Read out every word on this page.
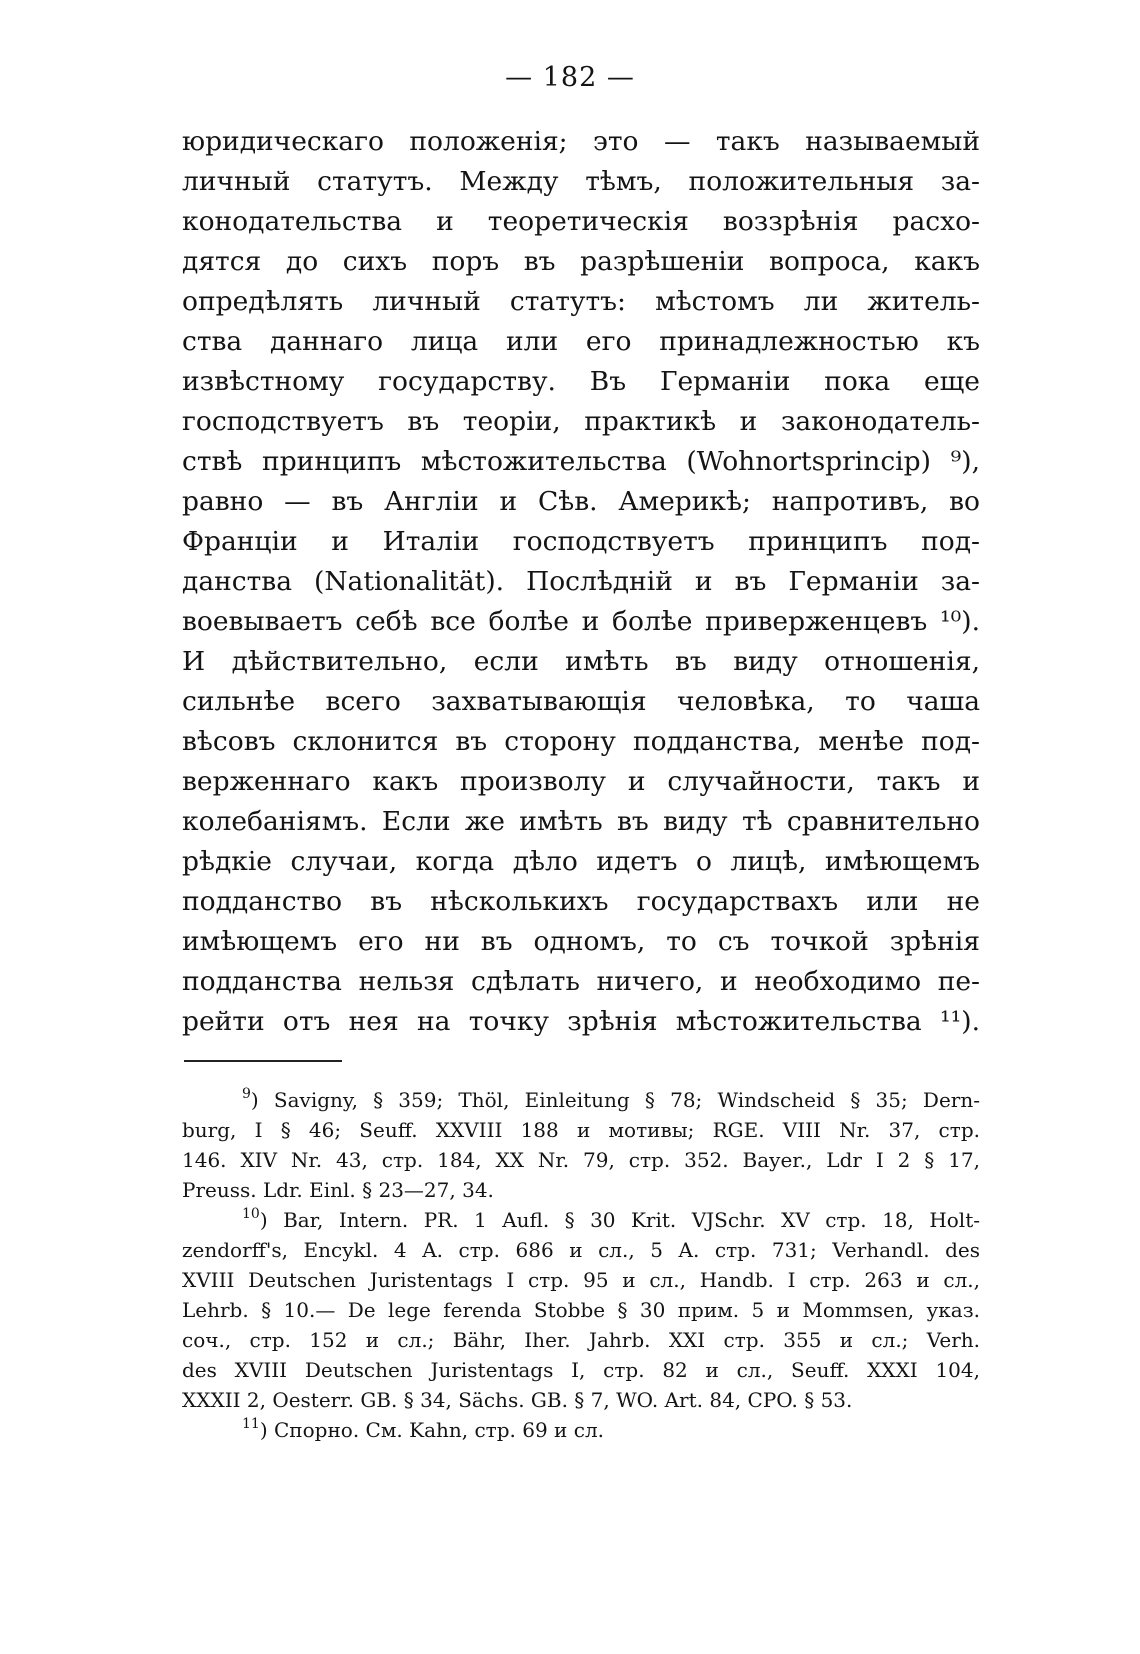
— 182 —
юридическаго положенія; это — такъ называемый
личный статутъ. Между тѣмъ, положительныя за-
конодательства и теоретическія воззрѣнія расхо-
дятся до сихъ поръ въ разрѣшеніи вопроса, какъ
опредѣлять личный статутъ: мѣстомъ ли житель-
ства даннаго лица или его принадлежностью къ
извѣстному государству. Въ Германіи пока еще
господствуетъ въ теоріи, практикѣ и законодатель-
ствѣ принципъ мѣстожительства (Wohnortsprincip) ⁹),
равно — въ Англіи и Сѣв. Америкѣ; напротивъ, во
Франціи и Италіи господствуетъ принципъ под-
данства (Nationalität). Послѣдній и въ Германіи за-
воевываетъ себѣ все болѣе и болѣе приверженцевъ ¹⁰).
И дѣйствительно, если имѣть въ виду отношенія,
сильнѣе всего захватывающія человѣка, то чаша
вѣсовъ склонится въ сторону подданства, менѣе под-
верженнаго какъ произволу и случайности, такъ и
колебаніямъ. Если же имѣть въ виду тѣ сравнительно
рѣдкіе случаи, когда дѣло идетъ о лицѣ, имѣющемъ
подданство въ нѣсколькихъ государствахъ или не
имѣющемъ его ни въ одномъ, то съ точкой зрѣнія
подданства нельзя сдѣлать ничего, и необходимо пе-
рейти отъ нея на точку зрѣнія мѣстожительства ¹¹).
$^9$) Savigny, § 359; Thöl, Einleitung § 78; Windscheid § 35; Dern-
burg, I § 46; Seuff. XXVIII 188 и мотивы; RGE. VIII Nr. 37, стр.
146. XIV Nr. 43, стр. 184, XX Nr. 79, стр. 352. Bayer., Ldr I 2 § 17,
Preuss. Ldr. Einl. § 23—27, 34.
$^{10}$) Bar, Intern. PR. 1 Aufl. § 30 Krit. VJSchr. XV стр. 18, Holt-
zendorff's, Encykl. 4 A. стр. 686 и сл., 5 A. стр. 731; Verhandl. des
XVIII Deutschen Juristentags I стр. 95 и сл., Handb. I стр. 263 и сл.,
Lehrb. § 10.— De lege ferenda Stobbe § 30 прим. 5 и Mommsen, указ.
соч., стр. 152 и сл.; Bähr, Iher. Jahrb. XXI стр. 355 и сл.; Verh.
des XVIII Deutschen Juristentags I, стр. 82 и сл., Seuff. XXXI 104,
XXXII 2, Oesterr. GB. § 34, Sächs. GB. § 7, WO. Art. 84, CPO. § 53.
$^{11}$) Спорно. См. Kahn, стр. 69 и сл.
